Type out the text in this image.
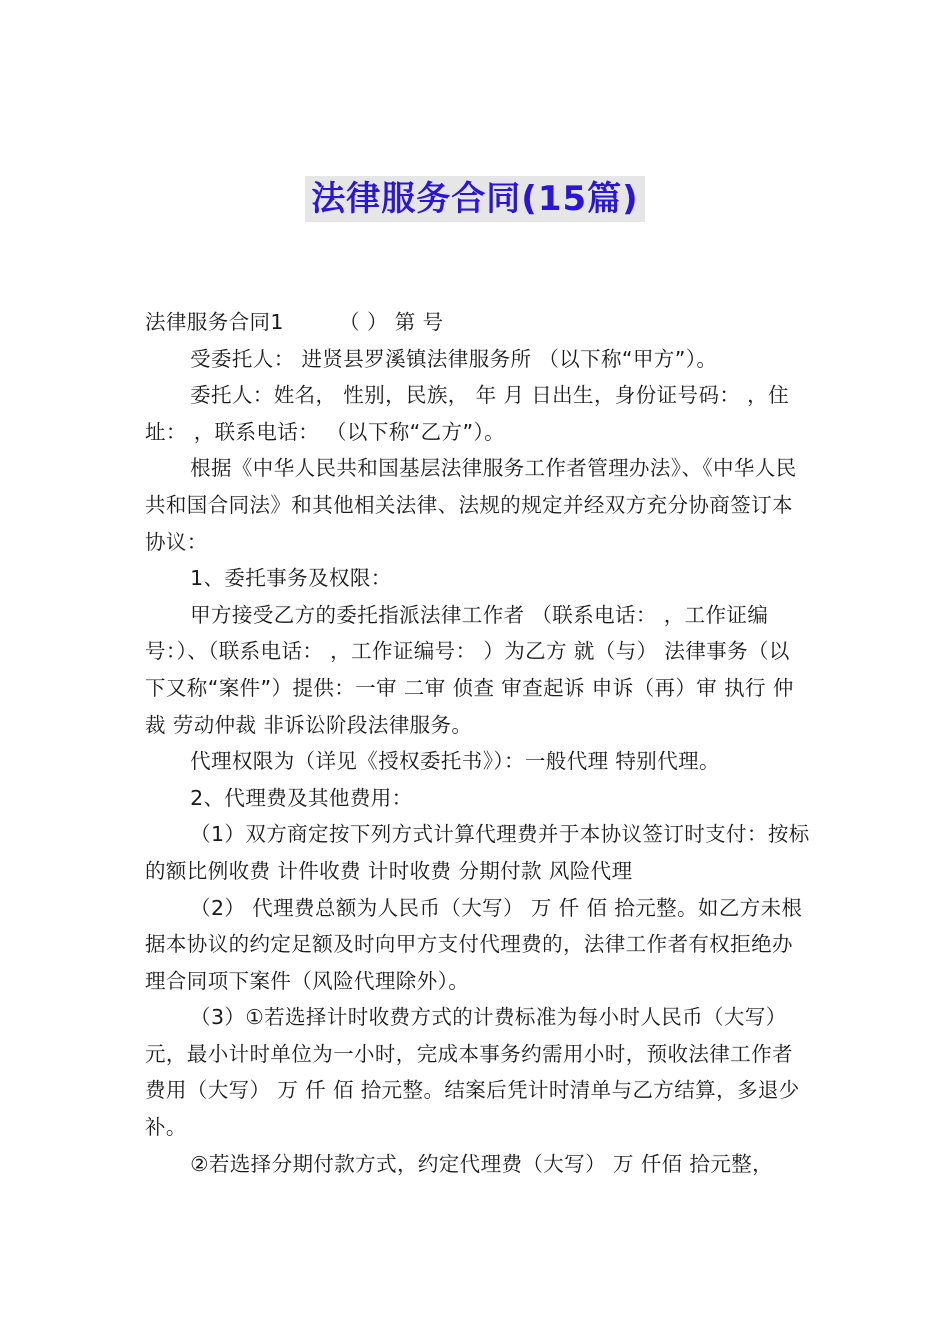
法律服务合同(15篇)

法律服务合同1        （ ） 第 号

受委托人： 进贤县罗溪镇法律服务所 （以下称“甲方”）。

委托人：姓名， 性别，民族， 年 月 日出生，身份证号码： ，住址： ，联系电话： （以下称“乙方”）。

根据《中华人民共和国基层法律服务工作者管理办法》、《中华人民共和国合同法》和其他相关法律、法规的规定并经双方充分协商签订本协议：

1、委托事务及权限：

甲方接受乙方的委托指派法律工作者 （联系电话： ，工作证编号：）、（联系电话： ，工作证编号： ）为乙方 就（与） 法律事务（以下又称“案件”）提供：一审 二审 侦查 审查起诉 申诉（再）审 执行 仲裁 劳动仲裁 非诉讼阶段法律服务。

代理权限为（详见《授权委托书》）：一般代理 特别代理。

2、代理费及其他费用：

（1）双方商定按下列方式计算代理费并于本协议签订时支付：按标的额比例收费 计件收费 计时收费 分期付款 风险代理

（2） 代理费总额为人民币（大写） 万 仟 佰 拾元整。如乙方未根据本协议的约定足额及时向甲方支付代理费的，法律工作者有权拒绝办理合同项下案件（风险代理除外）。

（3）①若选择计时收费方式的计费标准为每小时人民币（大写） 元，最小计时单位为一小时，完成本事务约需用小时，预收法律工作者费用（大写） 万 仟 佰 拾元整。结案后凭计时清单与乙方结算，多退少补。

②若选择分期付款方式，约定代理费（大写） 万 仟佰 拾元整，
